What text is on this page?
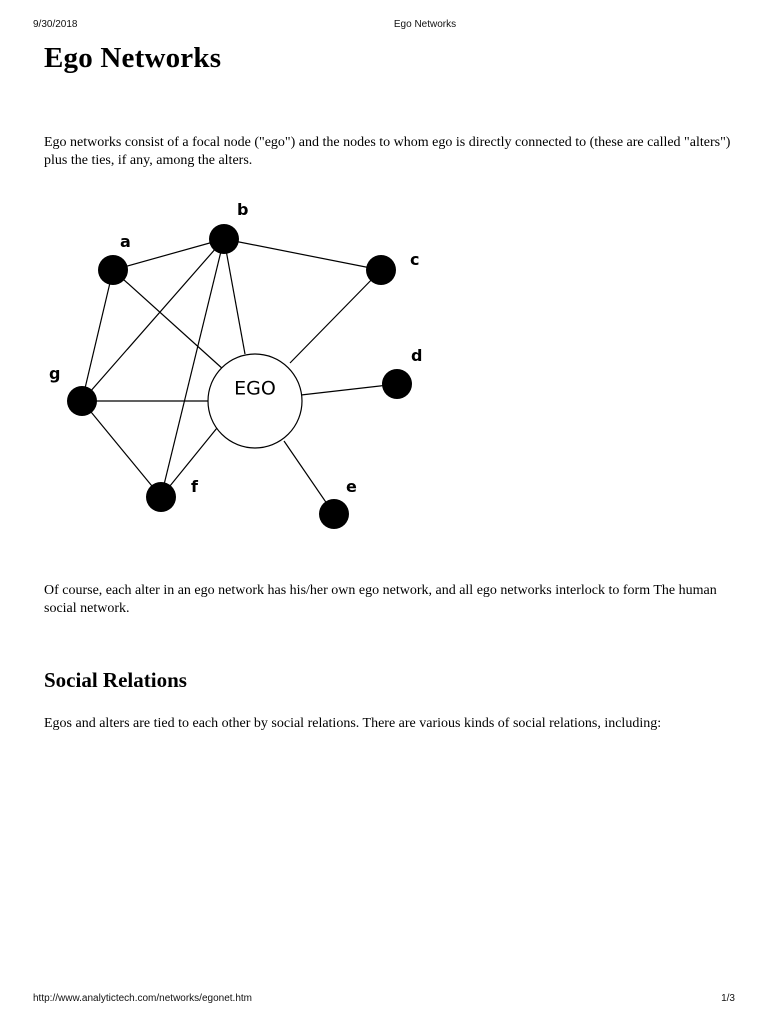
9/30/2018	Ego Networks
Ego Networks

Ego networks consist of a focal node ("ego") and the nodes to whom ego is directly connected to (these are called "alters") plus the ties, if any, among the alters.

EGO
a
b
c
d
e
f
g

Of course, each alter in an ego network has his/her own ego network, and all ego networks interlock to form The human social network.

Social Relations

Egos and alters are tied to each other by social relations. There are various kinds of social relations, including:

http://www.analytictech.com/networks/egonet.htm	1/3
